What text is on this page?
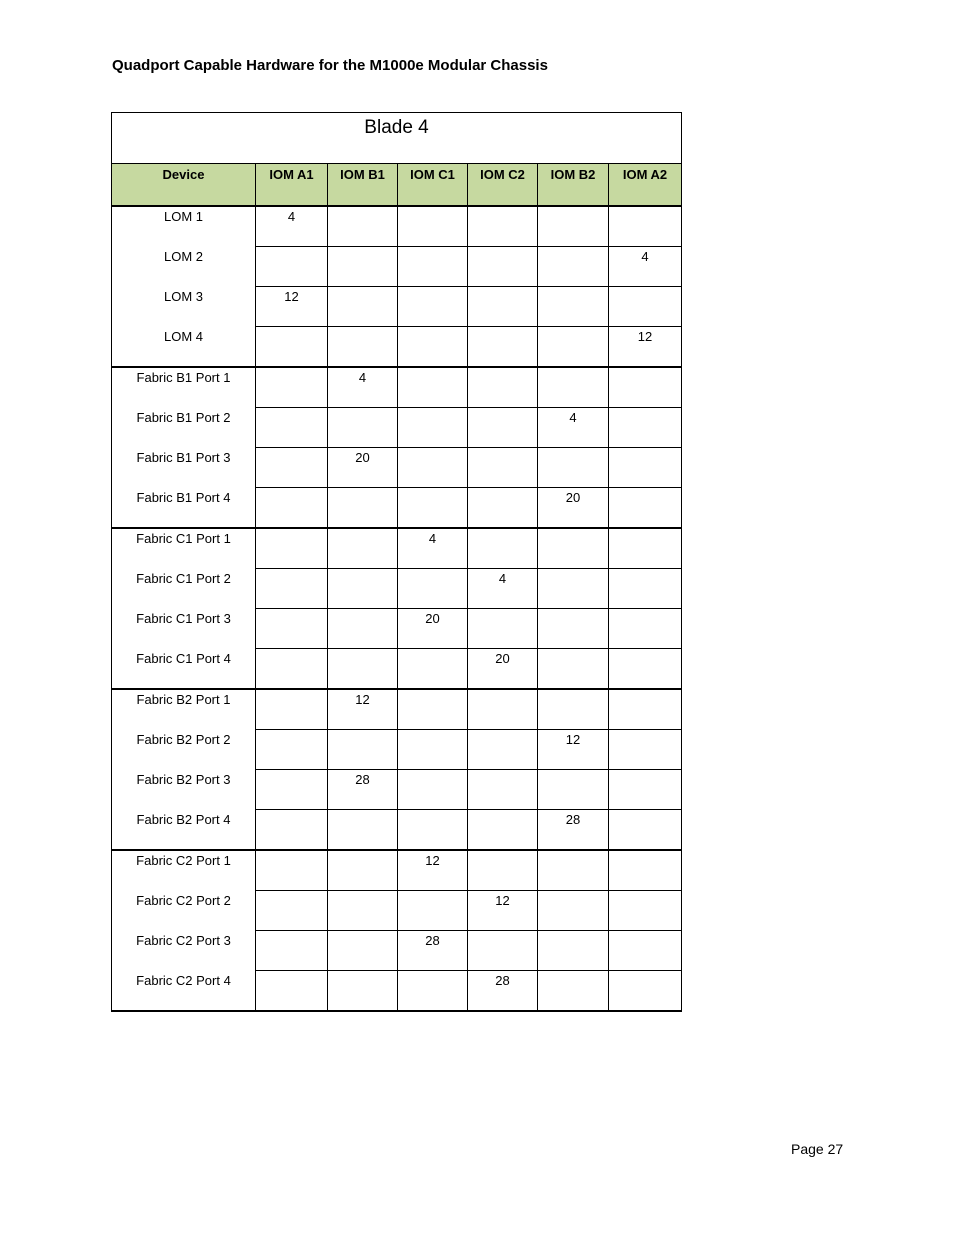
Quadport Capable Hardware for the M1000e Modular Chassis
Blade 4						
Device	IOM A1	IOM B1	IOM C1	IOM C2	IOM B2	IOM A2
LOM 1	4					
LOM 2						4
LOM 3	12					
LOM 4						12
Fabric B1 Port 1		4				
Fabric B1 Port 2					4	
Fabric B1 Port 3		20				
Fabric B1 Port 4					20	
Fabric C1 Port 1			4			
Fabric C1 Port 2				4		
Fabric C1 Port 3			20			
Fabric C1 Port 4				20		
Fabric B2 Port 1		12				
Fabric B2 Port 2					12	
Fabric B2 Port 3		28				
Fabric B2 Port 4					28	
Fabric C2 Port 1			12			
Fabric C2 Port 2				12		
Fabric C2 Port 3			28			
Fabric C2 Port 4				28		
Page 27
